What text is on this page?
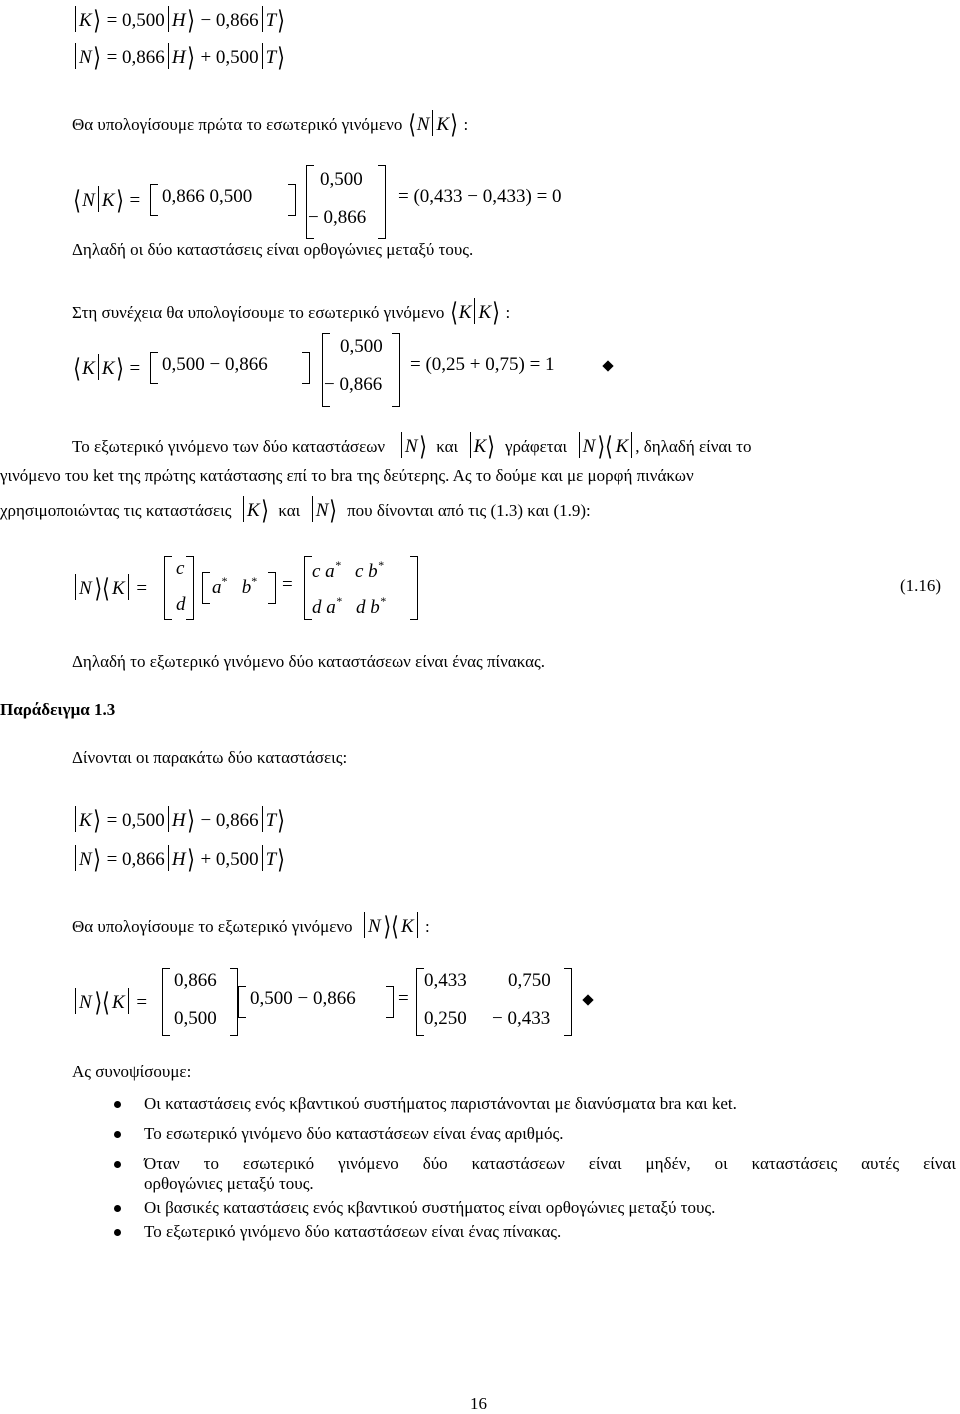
K⟩ = 0,500 H⟩ − 0,866 T⟩
N⟩ = 0,866 H⟩ + 0,500 T⟩
Θα υπολογίσουμε πρώτα το εσωτερικό γινόμενο ⟨N K⟩ :
⟨N K⟩ = 0,866 0,500
0,500
− 0,866
= (0,433 − 0,433) = 0
Δηλαδή οι δύο καταστάσεις είναι ορθογώνιες μεταξύ τους.
Στη συνέχεια θα υπολογίσουμε το εσωτερικό γινόμενο ⟨K K⟩ :
⟨K K⟩ = 0,500 − 0,866
0,500
− 0,866
= (0,25 + 0,75) = 1
Το εξωτερικό γινόμενο των δύο καταστάσεων N⟩ και K⟩ γράφεται N⟩⟨ K , δηλαδή είναι το
γινόμενο του ket της πρώτης κατάστασης επί το bra της δεύτερης. Ας το δούμε και με μορφή πινάκων
χρησιμοποιώντας τις καταστάσεις K⟩ και N⟩ που δίνονται από τις (1.3) και (1.9):
N⟩⟨ K =
c
d
a* b* =
c a* c b*
d a* d b*
(1.16)
Δηλαδή το εξωτερικό γινόμενο δύο καταστάσεων είναι ένας πίνακας.
Παράδειγμα 1.3
Δίνονται οι παρακάτω δύο καταστάσεις:
K⟩ = 0,500 H⟩ − 0,866 T⟩
N⟩ = 0,866 H⟩ + 0,500 T⟩
Θα υπολογίσουμε το εξωτερικό γινόμενο N⟩⟨ K :
N⟩⟨ K =
0,866
0,500
0,500 − 0,866 =
0,433 0,750
0,250 − 0,433
Ας συνοψίσουμε:
Οι καταστάσεις ενός κβαντικού συστήματος παριστάνονται με διανύσματα bra και ket.
Το εσωτερικό γινόμενο δύο καταστάσεων είναι ένας αριθμός.
Όταν το εσωτερικό γινόμενο δύο καταστάσεων είναι μηδέν, οι καταστάσεις αυτές είναι
ορθογώνιες μεταξύ τους.
Οι βασικές καταστάσεις ενός κβαντικού συστήματος είναι ορθογώνιες μεταξύ τους.
Το εξωτερικό γινόμενο δύο καταστάσεων είναι ένας πίνακας.
16
